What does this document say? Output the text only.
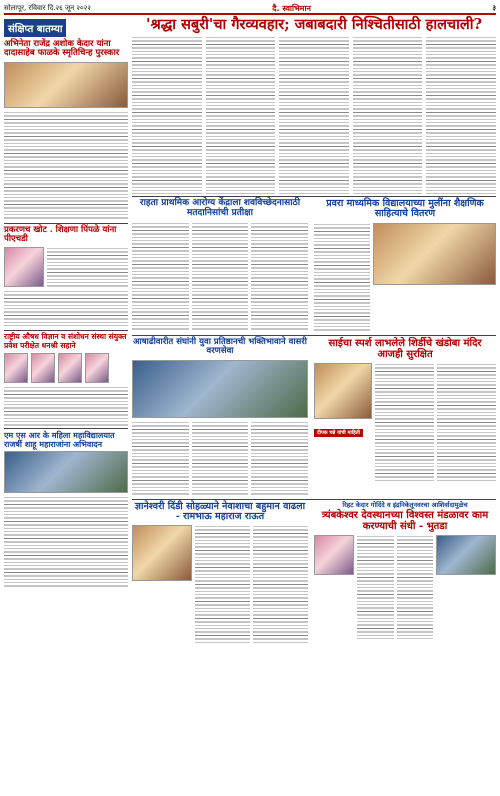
सोलापूर, रविवार दि.२६ जून २०२२	दै. स्वाभिमान	३
संक्षिप्त बातम्या
अभिनेता राजेंद्र अशोक केदार यांना दादासाहेब फाळके स्मृतिचिन्ह पुरस्कार
प्रकरणच खोट . शिक्षणा पिंपळे यांना पीएचडी
राष्ट्रीय औषध विज्ञान व संशोधन संस्था संयुक्त प्रवेश परीक्षेत धनश्री सहाने
एम एस आर के महिला महाविद्यालयात राजर्षी शाहू महाराजांना अभिवादन
'श्रद्धा सबुरी'चा गैरव्यवहार; जबाबदारी निश्चितीसाठी हालचाली?
राहता प्राथमिक आरोग्य केंद्राला शवविच्छेदनासाठी मतदानिसांची प्रतीक्षा
प्रवरा माध्यमिक विद्यालयाच्या मुलींना शैक्षणिक साहित्याचे वितरण
आषाढीवारीत संघांनी युवा प्रतिष्ठानची भक्तिभावाने वासरी वरणसेवा
साईचा स्पर्श लाभलेले शिर्डीचे खंडोबा मंदिर आजही सुरक्षित
दीपक चन्ने यांची माहिती
ज्ञानेश्वरी दिंडी सोहळ्याने नेवाशाचा बहुमान वाढला - रामभाऊ महाराज राऊत
रिहट केदार गोदिंदे व इंद्रनिकेतूनवरचा आशिर्वादामुळेच
त्र्यंबकेश्वर देवस्थानच्या विश्वस्त मंडळावर काम करण्याची संधी - भुतडा
